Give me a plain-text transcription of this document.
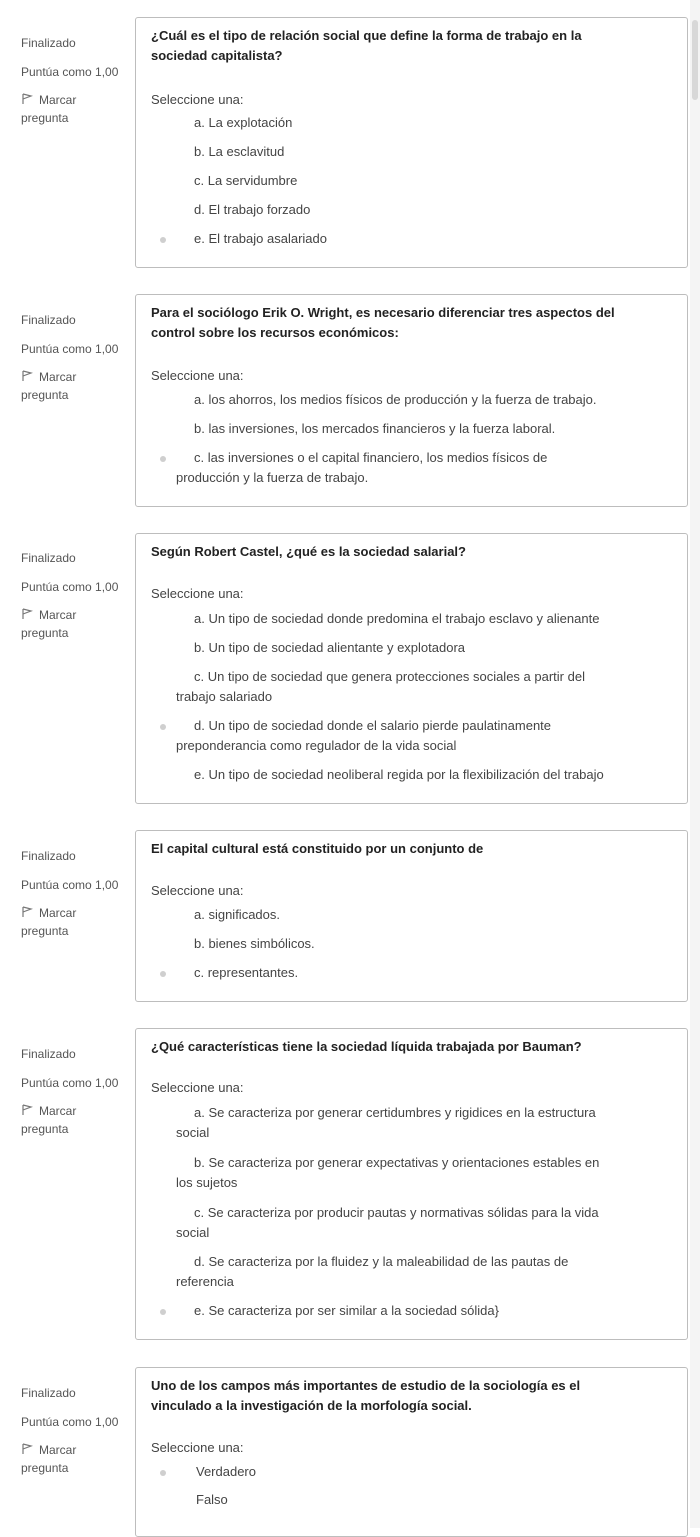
Finalizado
Puntúa como 1,00
Marcar
pregunta
¿Cuál es el tipo de relación social que define la forma de trabajo en la
sociedad capitalista?
Seleccione una:
a. La explotación
b. La esclavitud
c. La servidumbre
d. El trabajo forzado
e. El trabajo asalariado
Finalizado
Puntúa como 1,00
Marcar
pregunta
Para el sociólogo Erik O. Wright, es necesario diferenciar tres aspectos del
control sobre los recursos económicos:
Seleccione una:
a. los ahorros, los medios físicos de producción y la fuerza de trabajo.
b. las inversiones, los mercados financieros y la fuerza laboral.
c. las inversiones o el capital financiero, los medios físicos de
producción y la fuerza de trabajo.
Finalizado
Puntúa como 1,00
Marcar
pregunta
Según Robert Castel, ¿qué es la sociedad salarial?
Seleccione una:
a. Un tipo de sociedad donde predomina el trabajo esclavo y alienante
b. Un tipo de sociedad alientante y explotadora
c. Un tipo de sociedad que genera protecciones sociales a partir del
trabajo salariado
d. Un tipo de sociedad donde el salario pierde paulatinamente
preponderancia como regulador de la vida social
e. Un tipo de sociedad neoliberal regida por la flexibilización del trabajo
Finalizado
Puntúa como 1,00
Marcar
pregunta
El capital cultural está constituido por un conjunto de
Seleccione una:
a. significados.
b. bienes simbólicos.
c. representantes.
Finalizado
Puntúa como 1,00
Marcar
pregunta
¿Qué características tiene la sociedad líquida trabajada por Bauman?
Seleccione una:
a. Se caracteriza por generar certidumbres y rigidices en la estructura
social
b. Se caracteriza por generar expectativas y orientaciones estables en
los sujetos
c. Se caracteriza por producir pautas y normativas sólidas para la vida
social
d. Se caracteriza por la fluidez y la maleabilidad de las pautas de
referencia
e. Se caracteriza por ser similar a la sociedad sólida}
Finalizado
Puntúa como 1,00
Marcar
pregunta
Uno de los campos más importantes de estudio de la sociología es el
vinculado a la investigación de la morfología social.
Seleccione una:
Verdadero
Falso
